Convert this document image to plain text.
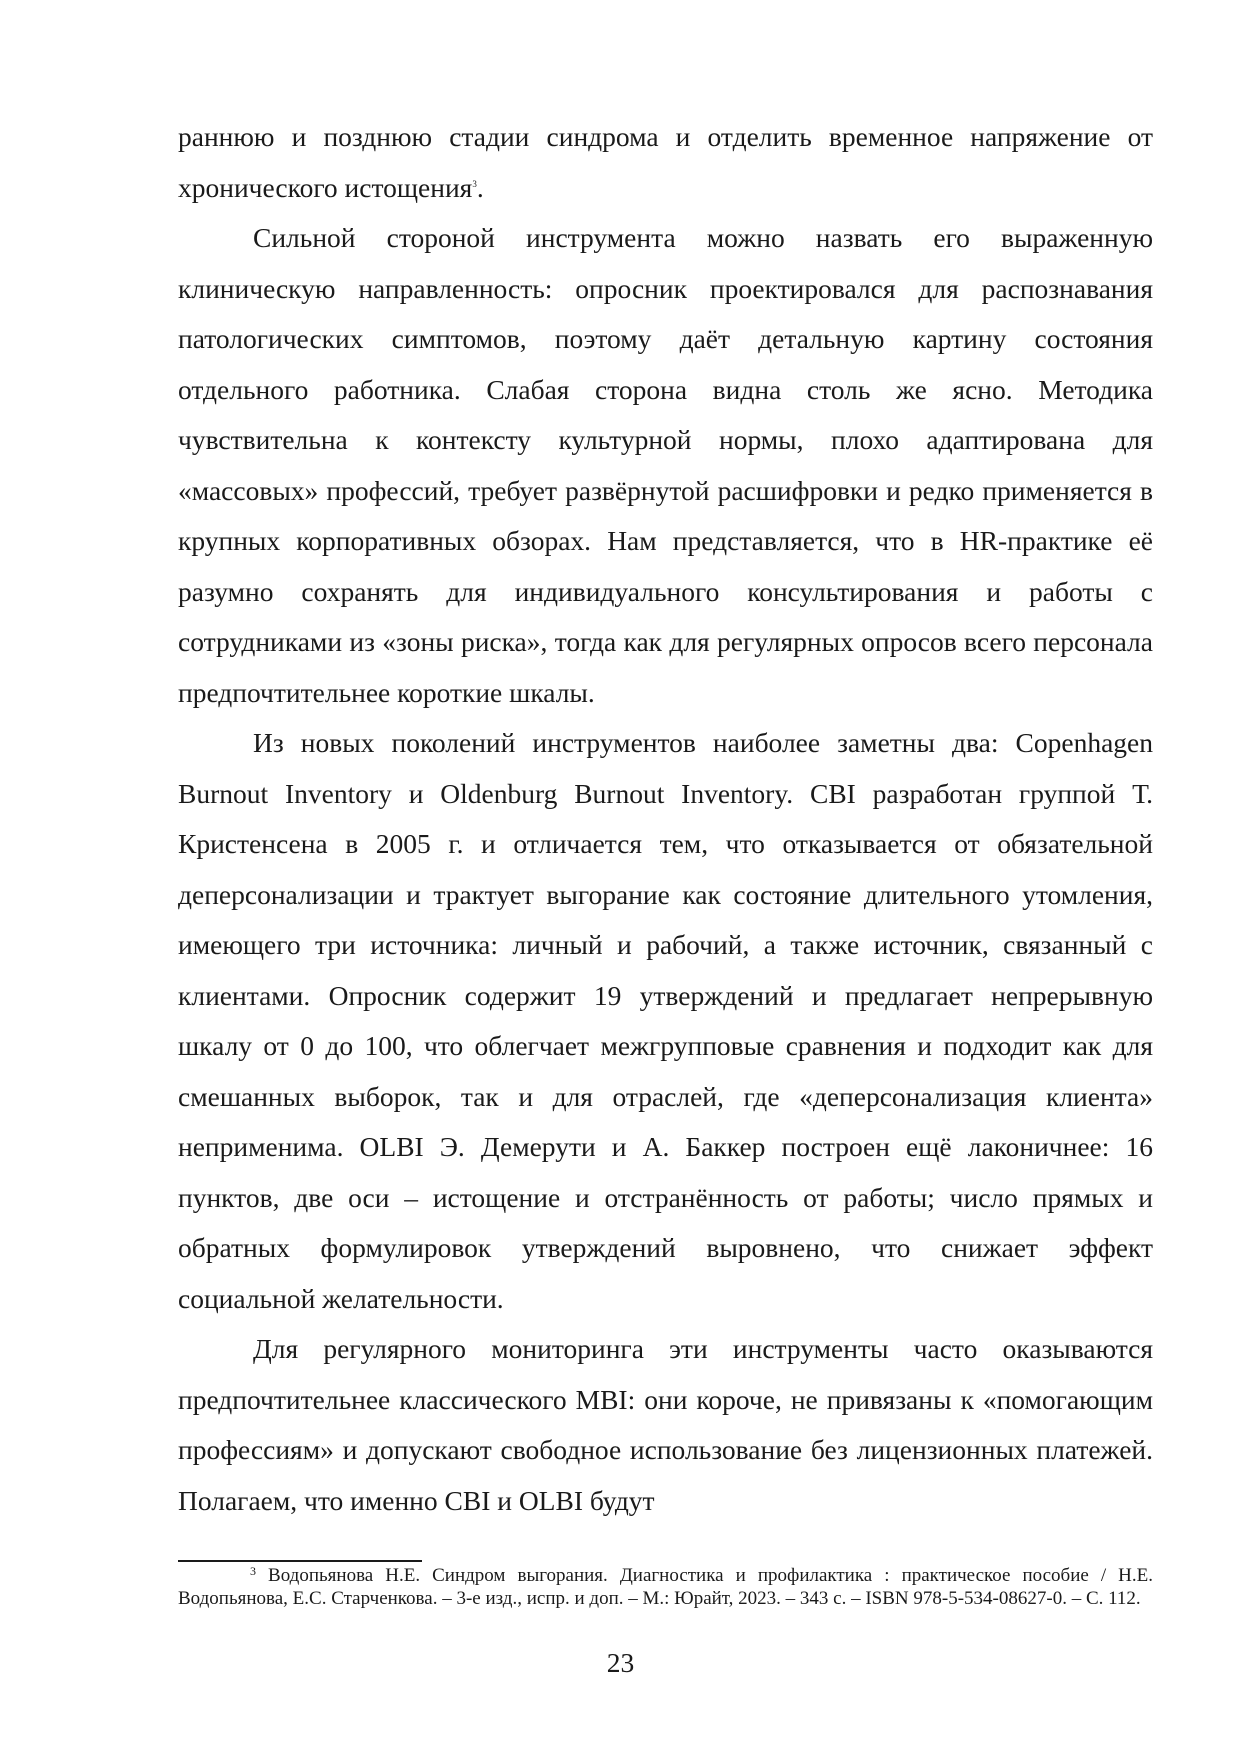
раннюю и позднюю стадии синдрома и отделить временное напряжение от хронического истощения$^3$.

Сильной стороной инструмента можно назвать его выраженную клиническую направленность: опросник проектировался для распознавания патологических симптомов, поэтому даёт детальную картину состояния отдельного работника. Слабая сторона видна столь же ясно. Методика чувствительна к контексту культурной нормы, плохо адаптирована для «массовых» профессий, требует развёрнутой расшифровки и редко применяется в крупных корпоративных обзорах. Нам представляется, что в HR-практике её разумно сохранять для индивидуального консультирования и работы с сотрудниками из «зоны риска», тогда как для регулярных опросов всего персонала предпочтительнее короткие шкалы.

Из новых поколений инструментов наиболее заметны два: Copenhagen Burnout Inventory и Oldenburg Burnout Inventory. CBI разработан группой Т. Кристенсена в 2005 г. и отличается тем, что отказывается от обязательной деперсонализации и трактует выгорание как состояние длительного утомления, имеющего три источника: личный и рабочий, а также источник, связанный с клиентами. Опросник содержит 19 утверждений и предлагает непрерывную шкалу от 0 до 100, что облегчает межгрупповые сравнения и подходит как для смешанных выборок, так и для отраслей, где «деперсонализация клиента» неприменима. OLBI Э. Демерути и А. Баккер построен ещё лаконичнее: 16 пунктов, две оси – истощение и отстранённость от работы; число прямых и обратных формулировок утверждений выровнено, что снижает эффект социальной желательности.

Для регулярного мониторинга эти инструменты часто оказываются предпочтительнее классического MBI: они короче, не привязаны к «помогающим профессиям» и допускают свободное использование без лицензионных платежей. Полагаем, что именно CBI и OLBI будут

$^3$ Водопьянова Н.Е. Синдром выгорания. Диагностика и профилактика : практическое пособие / Н.Е. Водопьянова, Е.С. Старченкова. – 3-е изд., испр. и доп. – М.: Юрайт, 2023. – 343 с. – ISBN 978-5-534-08627-0. – С. 112.

23
